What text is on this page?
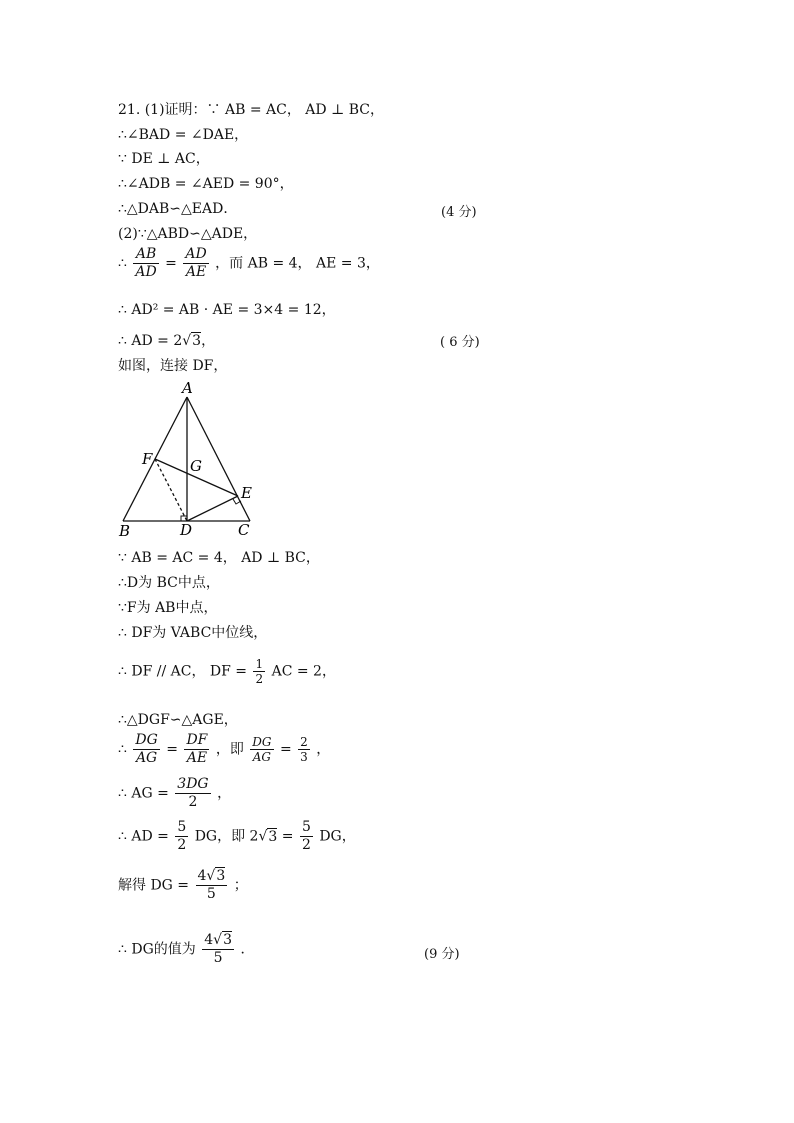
21. (1)证明：∵ AB = AC， AD ⊥ BC，
∴∠BAD = ∠DAE，
∵ DE ⊥ AC，
∴∠ADB = ∠AED = 90°，
∴△DAB∽△EAD．	(4 分)
(2)∵△ABD∽△ADE，
∴ $\frac{AB}{AD} = \frac{AD}{AE}$ ，而 AB = 4， AE = 3，
∴ AD² = AB · AE = 3×4 = 12，
∴ AD = 2√3，	( 6 分)
如图，连接 DF，
A
B	C
D
E
F	G
∵ AB = AC = 4， AD ⊥ BC，
∴D为 BC中点，
∵F为 AB中点，
∴ DF为 VABC中位线，
∴ DF // AC， DF = $\frac{1}{2}$ AC = 2，
∴△DGF∽△AGE，
∴ $\frac{DG}{AG} = \frac{DF}{AE}$ ，即 $\frac{DG}{AG} = \frac{2}{3}$ ，
∴ AG = $\frac{3DG}{2}$ ，
∴ AD = $\frac{5}{2}$ DG，即 $2√3 = \frac{5}{2}$ DG，
解得 DG = $\frac{4√3}{5}$ ；
∴ DG的值为 $\frac{4√3}{5}$ ．	(9 分)
